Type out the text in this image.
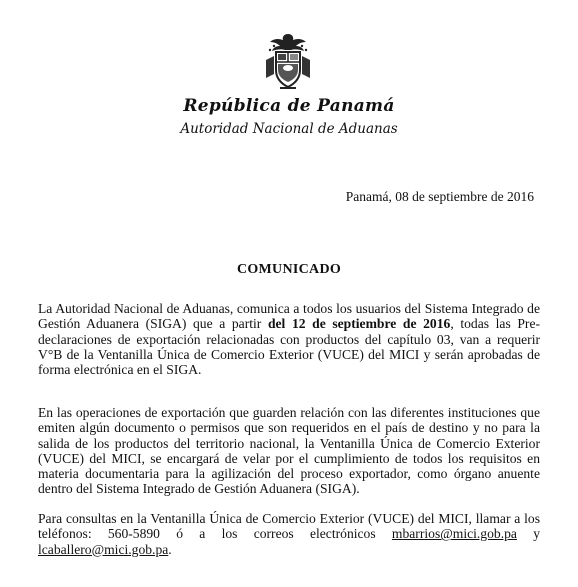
República de Panamá
Autoridad Nacional de Aduanas
Panamá, 08 de septiembre de 2016
COMUNICADO

La Autoridad Nacional de Aduanas, comunica a todos los usuarios del Sistema Integrado de Gestión Aduanera (SIGA) que a partir del 12 de septiembre de 2016, todas las Pre-declaraciones de exportación relacionadas con productos del capítulo 03, van a requerir V°B de la Ventanilla Única de Comercio Exterior (VUCE) del MICI y serán aprobadas de forma electrónica en el SIGA.

En las operaciones de exportación que guarden relación con las diferentes instituciones que emiten algún documento o permisos que son requeridos en el país de destino y no para la salida de los productos del territorio nacional, la Ventanilla Única de Comercio Exterior (VUCE) del MICI, se encargará de velar por el cumplimiento de todos los requisitos en materia documentaria para la agilización del proceso exportador, como órgano anuente dentro del Sistema Integrado de Gestión Aduanera (SIGA).

Para consultas en la Ventanilla Única de Comercio Exterior (VUCE) del MICI, llamar a los teléfonos: 560-5890 ó a los correos electrónicos mbarrios@mici.gob.pa y lcaballero@mici.gob.pa.
